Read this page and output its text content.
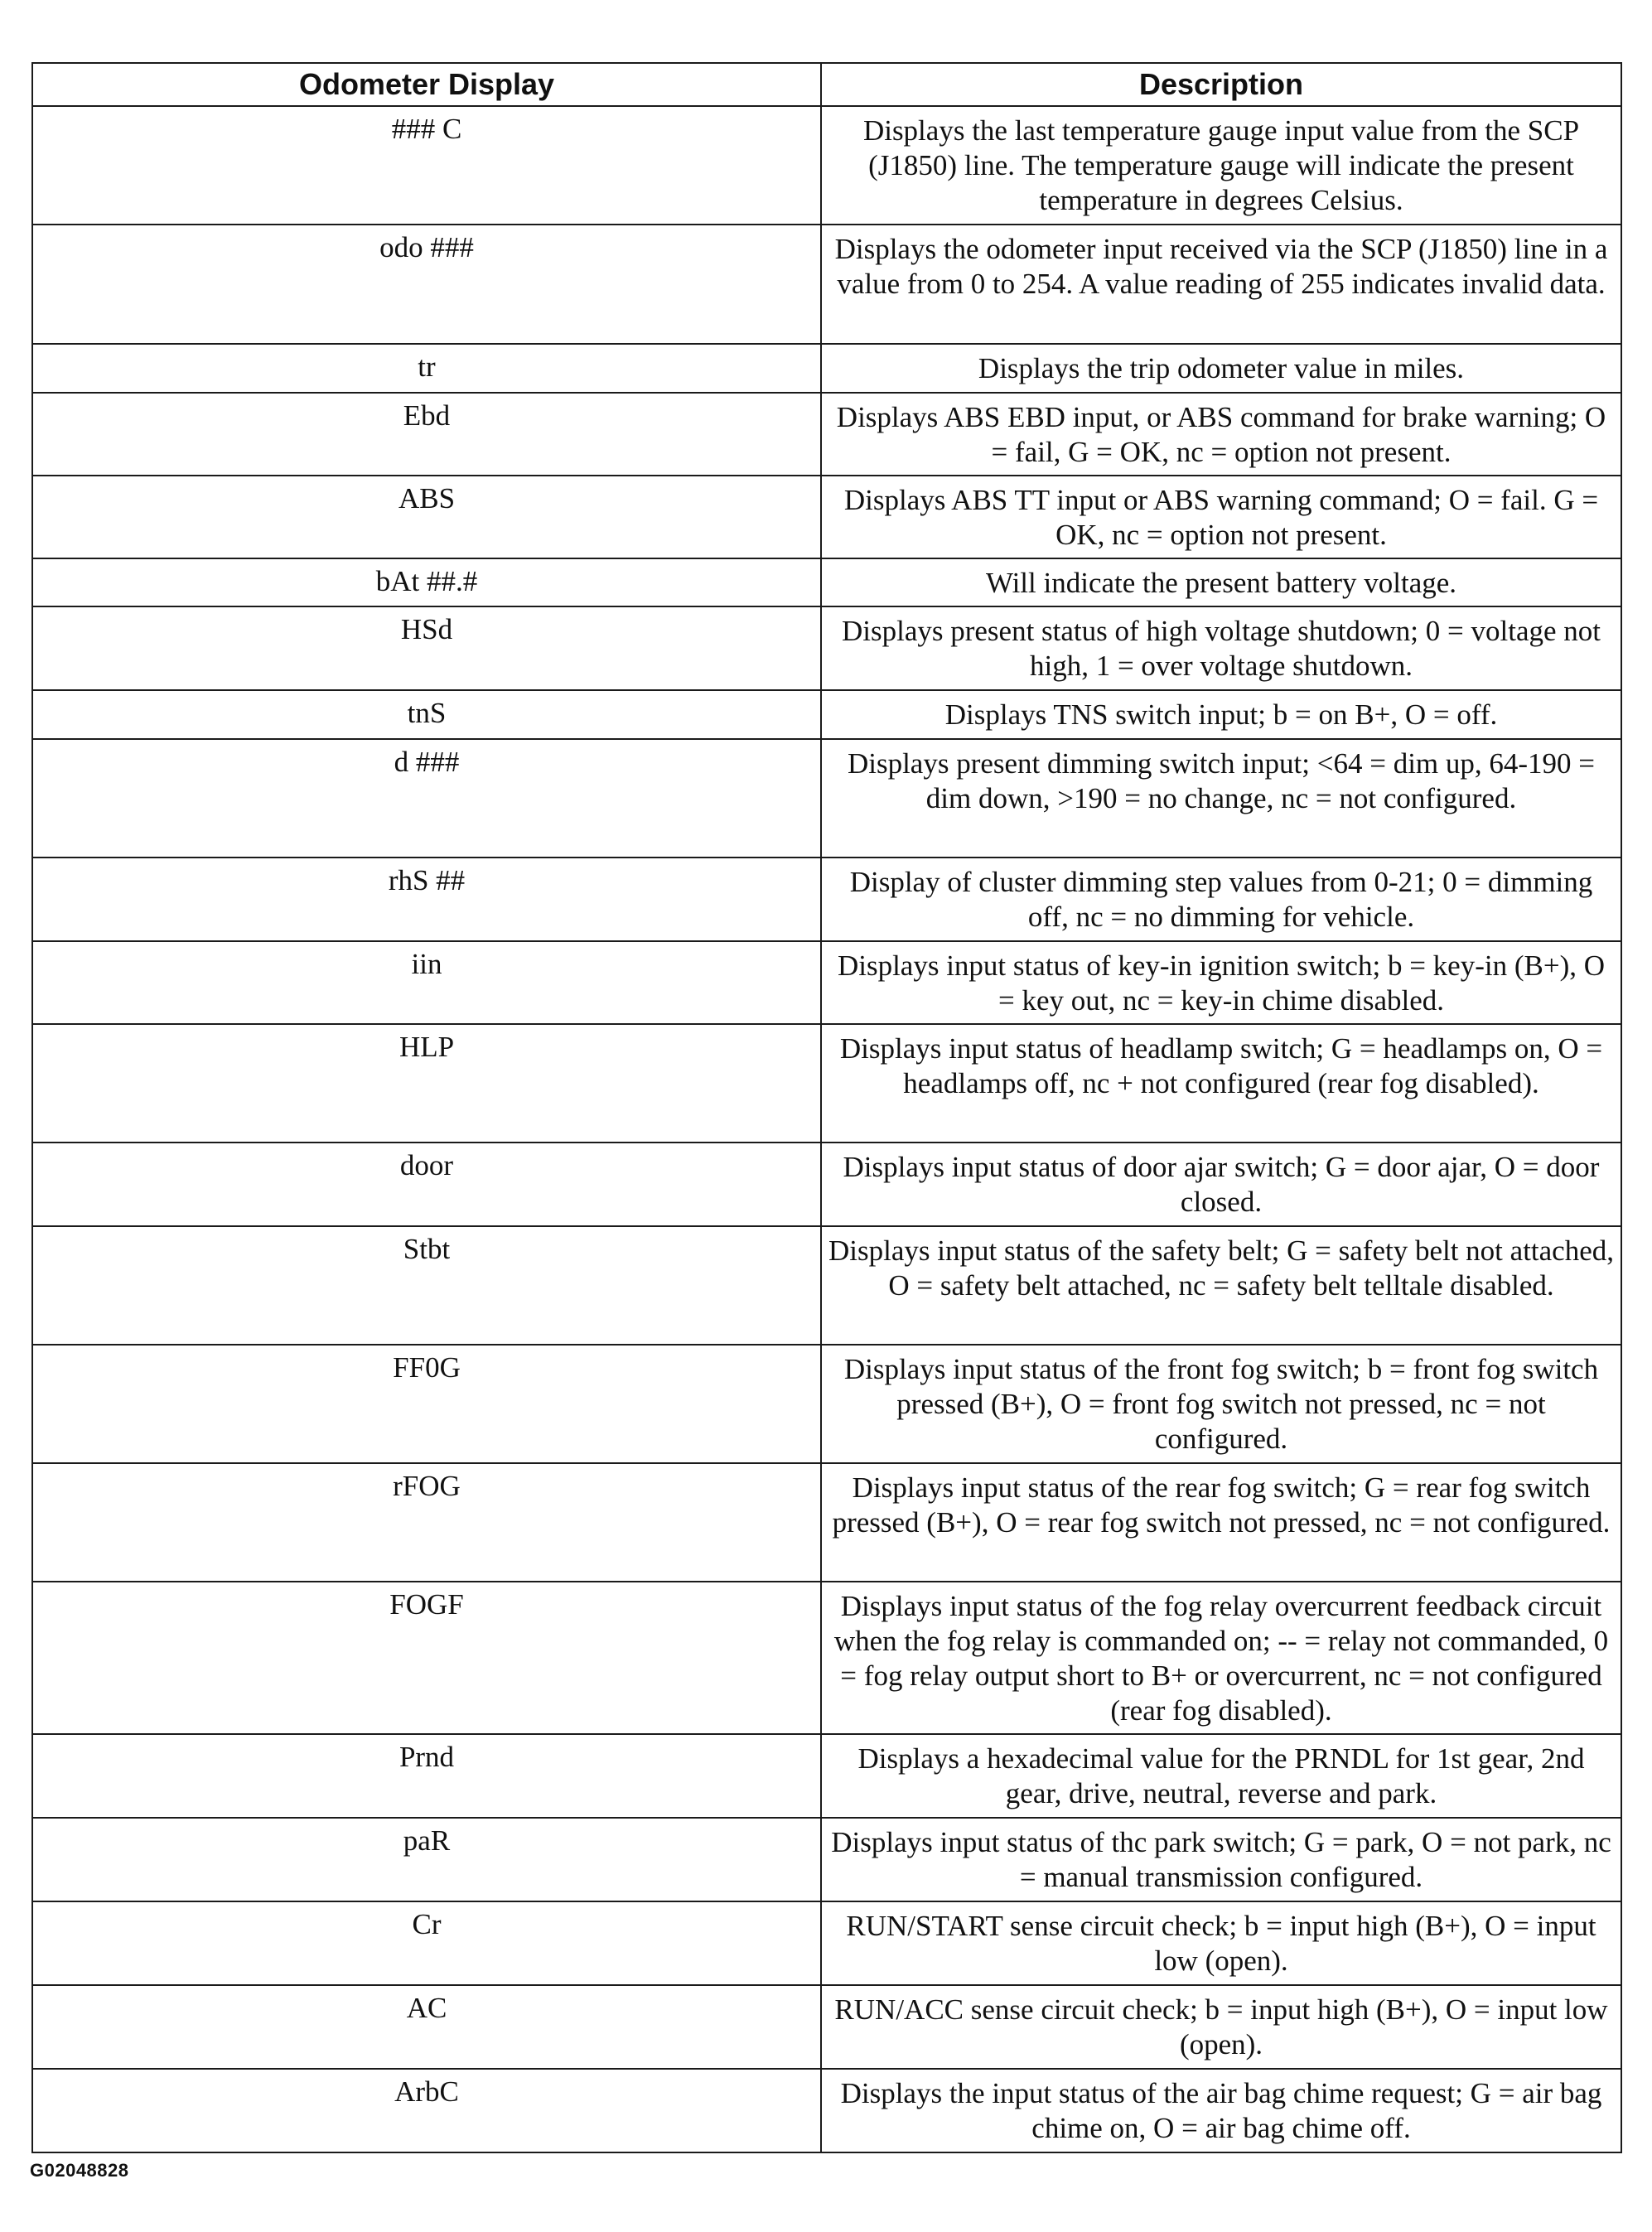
Odometer Display	Description
### C	Displays the last temperature gauge input value from the SCP (J1850) line. The temperature gauge will indicate the present temperature in degrees Celsius.
odo ###	Displays the odometer input received via the SCP (J1850) line in a value from 0 to 254. A value reading of 255 indicates invalid data.
tr	Displays the trip odometer value in miles.
Ebd	Displays ABS EBD input, or ABS command for brake warning; O = fail, G = OK, nc = option not present.
ABS	Displays ABS TT input or ABS warning command; O = fail. G = OK, nc = option not present.
bAt ##.#	Will indicate the present battery voltage.
HSd	Displays present status of high voltage shutdown; 0 = voltage not high, 1 = over voltage shutdown.
tnS	Displays TNS switch input; b = on B+, O = off.
d ###	Displays present dimming switch input; <64 = dim up, 64-190 = dim down, >190 = no change, nc = not configured.
rhS ##	Display of cluster dimming step values from 0-21; 0 = dimming off, nc = no dimming for vehicle.
iin	Displays input status of key-in ignition switch; b = key-in (B+), O = key out, nc = key-in chime disabled.
HLP	Displays input status of headlamp switch; G = headlamps on, O = headlamps off, nc + not configured (rear fog disabled).
door	Displays input status of door ajar switch; G = door ajar, O = door closed.
Stbt	Displays input status of the safety belt; G = safety belt not attached, O = safety belt attached, nc = safety belt telltale disabled.
FF0G	Displays input status of the front fog switch; b = front fog switch pressed (B+), O = front fog switch not pressed, nc = not configured.
rFOG	Displays input status of the rear fog switch; G = rear fog switch pressed (B+), O = rear fog switch not pressed, nc = not configured.
FOGF	Displays input status of the fog relay overcurrent feedback circuit when the fog relay is commanded on; -- = relay not commanded, 0 = fog relay output short to B+ or overcurrent, nc = not configured (rear fog disabled).
Prnd	Displays a hexadecimal value for the PRNDL for 1st gear, 2nd gear, drive, neutral, reverse and park.
paR	Displays input status of thc park switch; G = park, O = not park, nc = manual transmission configured.
Cr	RUN/START sense circuit check; b = input high (B+), O = input low (open).
AC	RUN/ACC sense circuit check; b = input high (B+), O = input low (open).
ArbC	Displays the input status of the air bag chime request; G = air bag chime on, O = air bag chime off.
G02048828
